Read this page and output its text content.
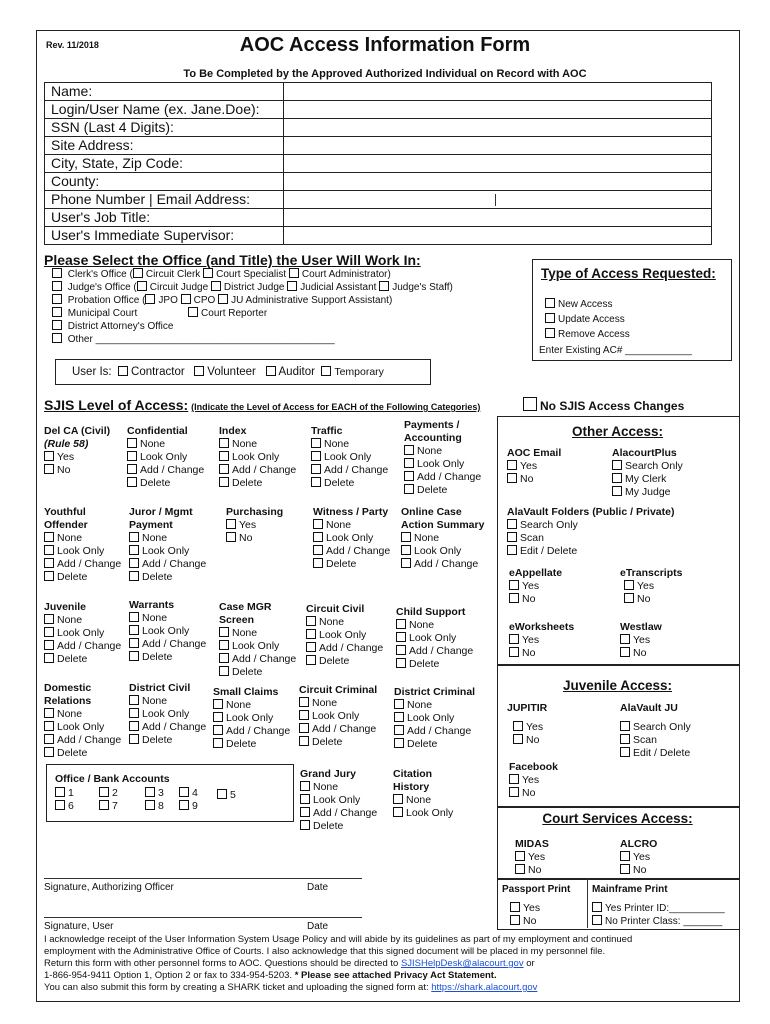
Rev. 11/2018	AOC Access Information Form
To Be Completed by the Approved Authorized Individual on Record with AOC
Name:	
Login/User Name (ex. Jane.Doe):	
SSN (Last 4 Digits):	
Site Address:	
City, State, Zip Code:	
County:	
Phone Number | Email Address:	

User's Job Title:	
User's Immediate Supervisor:	
Please Select the Office (and Title) the User Will Work In:
Clerk's Office ( Circuit Clerk Court Specialist Court Administrator)
Judge's Office ( Circuit Judge District Judge Judicial Assistant Judge's Staff)
Probation Office ( JPO CPO JU Administrative Support Assistant)
Municipal Court	Court Reporter
District Attorney's Office
Other ___________________________________________
Type of Access Requested:
New Access
Update Access
Remove Access
Enter Existing AC# ____________
User Is: Contractor Volunteer Auditor Temporary
SJIS Level of Access: (Indicate the Level of Access for EACH of the Following Categories)	No SJIS Access Changes
Del CA (Civil)
(Rule 58)
Yes
No
Confidential
None
Look Only
Add / Change
Delete
Index
None
Look Only
Add / Change
Delete
Traffic
None
Look Only
Add / Change
Delete
Payments / Accounting
None
Look Only
Add / Change
Delete
Youthful Offender
None
Look Only
Add / Change
Delete
Juror / Mgmt Payment
None
Look Only
Add / Change
Delete
Purchasing
Yes
No
Witness / Party
None
Look Only
Add / Change
Delete
Online Case Action Summary
None
Look Only
Add / Change
Juvenile
None
Look Only
Add / Change
Delete
Warrants
None
Look Only
Add / Change
Delete
Case MGR Screen
None
Look Only
Add / Change
Delete
Circuit Civil
None
Look Only
Add / Change
Delete
Child Support
None
Look Only
Add / Change
Delete
Domestic Relations
None
Look Only
Add / Change
Delete
District Civil
None
Look Only
Add / Change
Delete
Small Claims
None
Look Only
Add / Change
Delete
Circuit Criminal
None
Look Only
Add / Change
Delete
District Criminal
None
Look Only
Add / Change
Delete
Office / Bank Accounts
1	2	3	4	5
6	7	8	9
Grand Jury
None
Look Only
Add / Change
Delete
Citation History
None
Look Only
Other Access:
AOC Email
Yes
No
AlacourtPlus
Search Only
My Clerk
My Judge
AlaVault Folders (Public / Private)
Search Only
Scan
Edit / Delete
eAppellate
Yes
No
eTranscripts
Yes
No
eWorksheets
Yes
No
Westlaw
Yes
No
Juvenile Access:
JUPITIR
Yes
No
AlaVault JU
Search Only
Scan
Edit / Delete
Facebook
Yes
No
Court Services Access:
MIDAS
Yes
No
ALCRO
Yes
No
Passport Print
Yes
No
Mainframe Print
Yes Printer ID:__________
No Printer Class: _______
Signature, Authorizing Officer	Date
Signature, User	Date
I acknowledge receipt of the User Information System Usage Policy and will abide by its guidelines as part of my employment and continued
employment with the Administrative Office of Courts. I also acknowledge that this signed document will be placed in my personnel file.
Return this form with other personnel forms to AOC. Questions should be directed to SJISHelpDesk@alacourt.gov or
1-866-954-9411 Option 1, Option 2 or fax to 334-954-5203. * Please see attached Privacy Act Statement.
You can also submit this form by creating a SHARK ticket and uploading the signed form at: https://shark.alacourt.gov
